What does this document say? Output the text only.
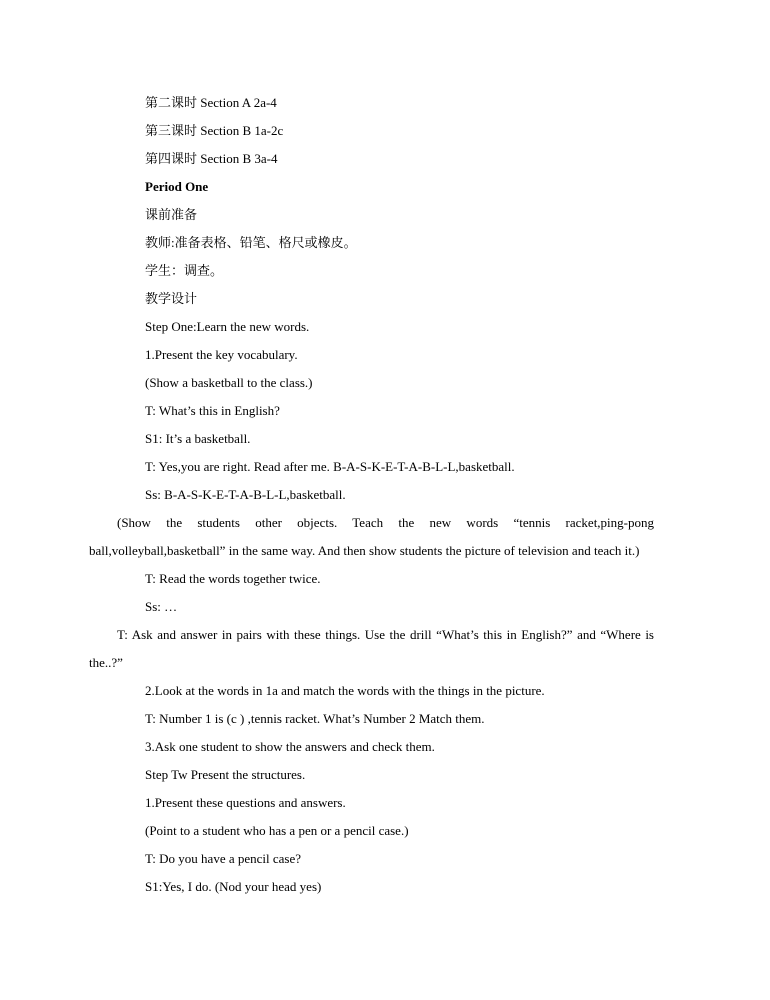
第二课时 Section A 2a-4

第三课时 Section B 1a-2c

第四课时 Section B 3a-4

Period One

课前准备

教师:准备表格、铅笔、格尺或橡皮。

学生：调查。

教学设计

Step One:Learn the new words.

1.Present the key vocabulary.

(Show a basketball to the class.)

T: What’s this in English?

S1: It’s a basketball.

T: Yes,you are right. Read after me. B-A-S-K-E-T-A-B-L-L,basketball.

Ss: B-A-S-K-E-T-A-B-L-L,basketball.

(Show the students other objects. Teach the new words “tennis racket,ping-pong ball,volleyball,basketball” in the same way. And then show students the picture of television and teach it.)

T: Read the words together twice.

Ss: …

T: Ask and answer in pairs with these things. Use the drill “What’s this in English?” and “Where is the..?”

2.Look at the words in 1a and match the words with the things in the picture.

T: Number 1 is (c ) ,tennis racket. What’s Number 2 Match them.

3.Ask one student to show the answers and check them.

Step Tw Present the structures.

1.Present these questions and answers.

(Point to a student who has a pen or a pencil case.)

T: Do you have a pencil case?

S1:Yes, I do. (Nod your head yes)
